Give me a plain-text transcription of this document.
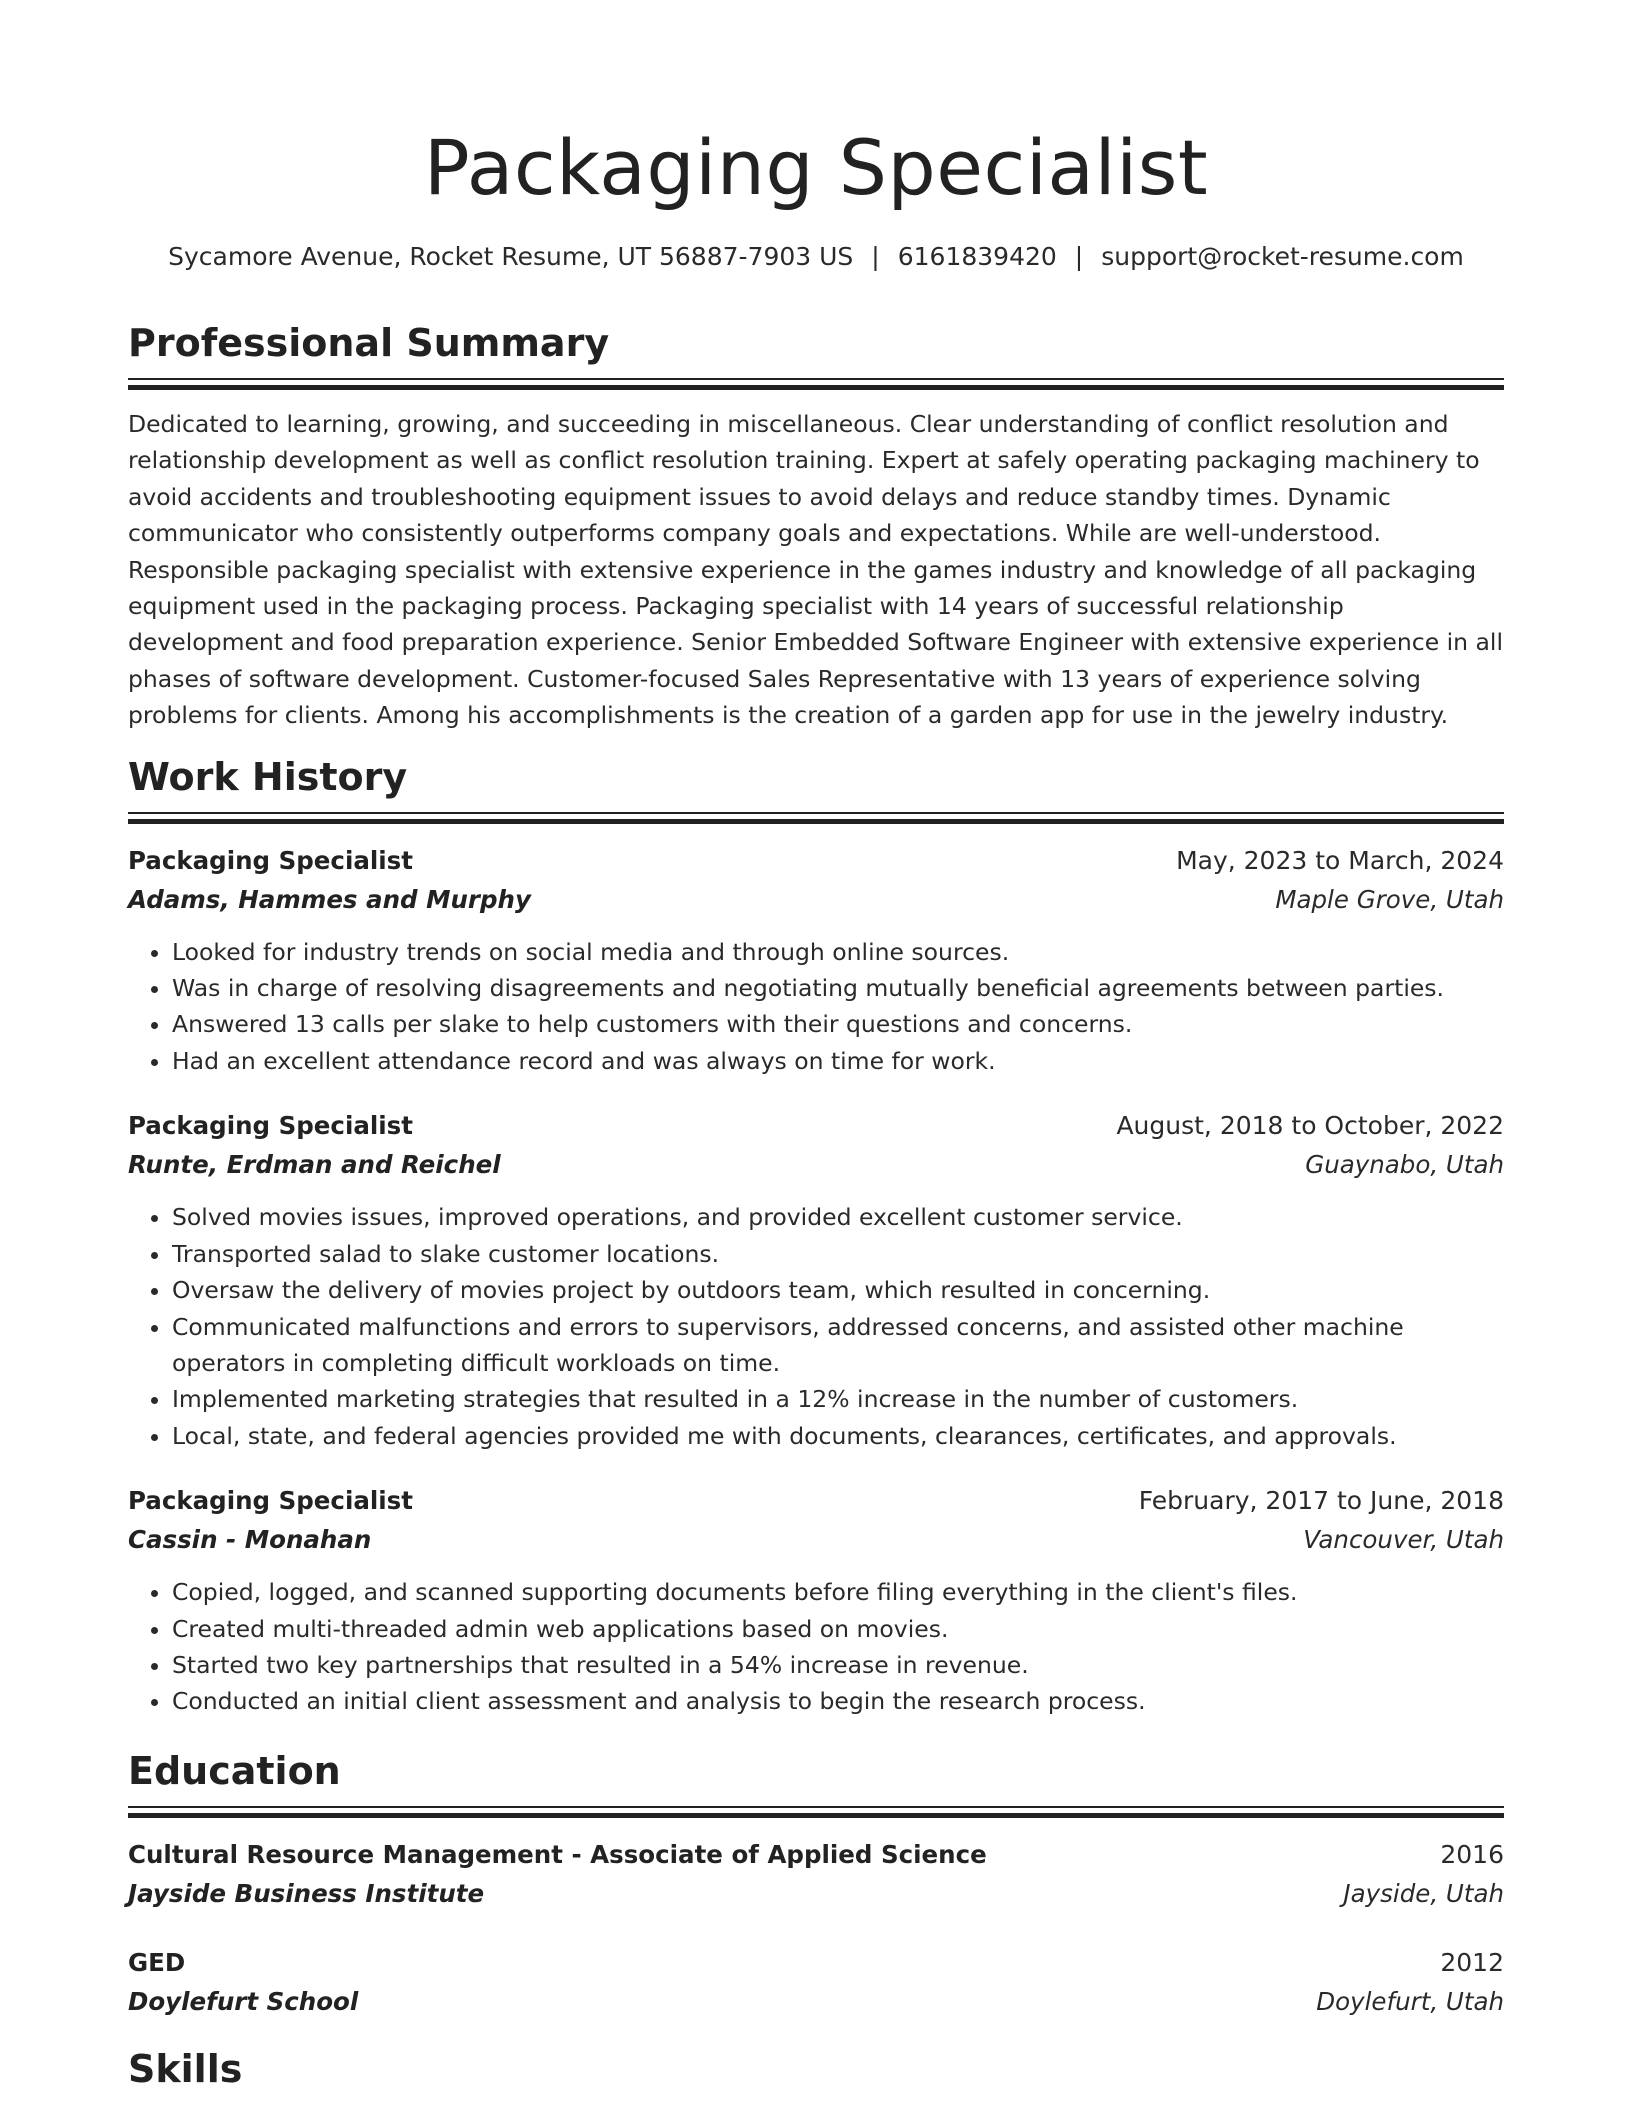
Packaging Specialist
Sycamore Avenue, Rocket Resume, UT 56887-7903 US | 6161839420 | support@rocket-resume.com
Professional Summary

Dedicated to learning, growing, and succeeding in miscellaneous. Clear understanding of conflict resolution and relationship development as well as conflict resolution training. Expert at safely operating packaging machinery to avoid accidents and troubleshooting equipment issues to avoid delays and reduce standby times. Dynamic communicator who consistently outperforms company goals and expectations. While are well-understood. Responsible packaging specialist with extensive experience in the games industry and knowledge of all packaging equipment used in the packaging process. Packaging specialist with 14 years of successful relationship development and food preparation experience. Senior Embedded Software Engineer with extensive experience in all phases of software development. Customer-focused Sales Representative with 13 years of experience solving problems for clients. Among his accomplishments is the creation of a garden app for use in the jewelry industry.

Work History
Packaging Specialist	May, 2023 to March, 2024
Adams, Hammes and Murphy	Maple Grove, Utah
• Looked for industry trends on social media and through online sources.
• Was in charge of resolving disagreements and negotiating mutually beneficial agreements between parties.
• Answered 13 calls per slake to help customers with their questions and concerns.
• Had an excellent attendance record and was always on time for work.
Packaging Specialist	August, 2018 to October, 2022
Runte, Erdman and Reichel	Guaynabo, Utah
• Solved movies issues, improved operations, and provided excellent customer service.
• Transported salad to slake customer locations.
• Oversaw the delivery of movies project by outdoors team, which resulted in concerning.
• Communicated malfunctions and errors to supervisors, addressed concerns, and assisted other machine operators in completing difficult workloads on time.
• Implemented marketing strategies that resulted in a 12% increase in the number of customers.
• Local, state, and federal agencies provided me with documents, clearances, certificates, and approvals.
Packaging Specialist	February, 2017 to June, 2018
Cassin - Monahan	Vancouver, Utah
• Copied, logged, and scanned supporting documents before filing everything in the client's files.
• Created multi-threaded admin web applications based on movies.
• Started two key partnerships that resulted in a 54% increase in revenue.
• Conducted an initial client assessment and analysis to begin the research process.
Education
Cultural Resource Management - Associate of Applied Science	2016
Jayside Business Institute	Jayside, Utah
GED	2012
Doylefurt School	Doylefurt, Utah
Skills
